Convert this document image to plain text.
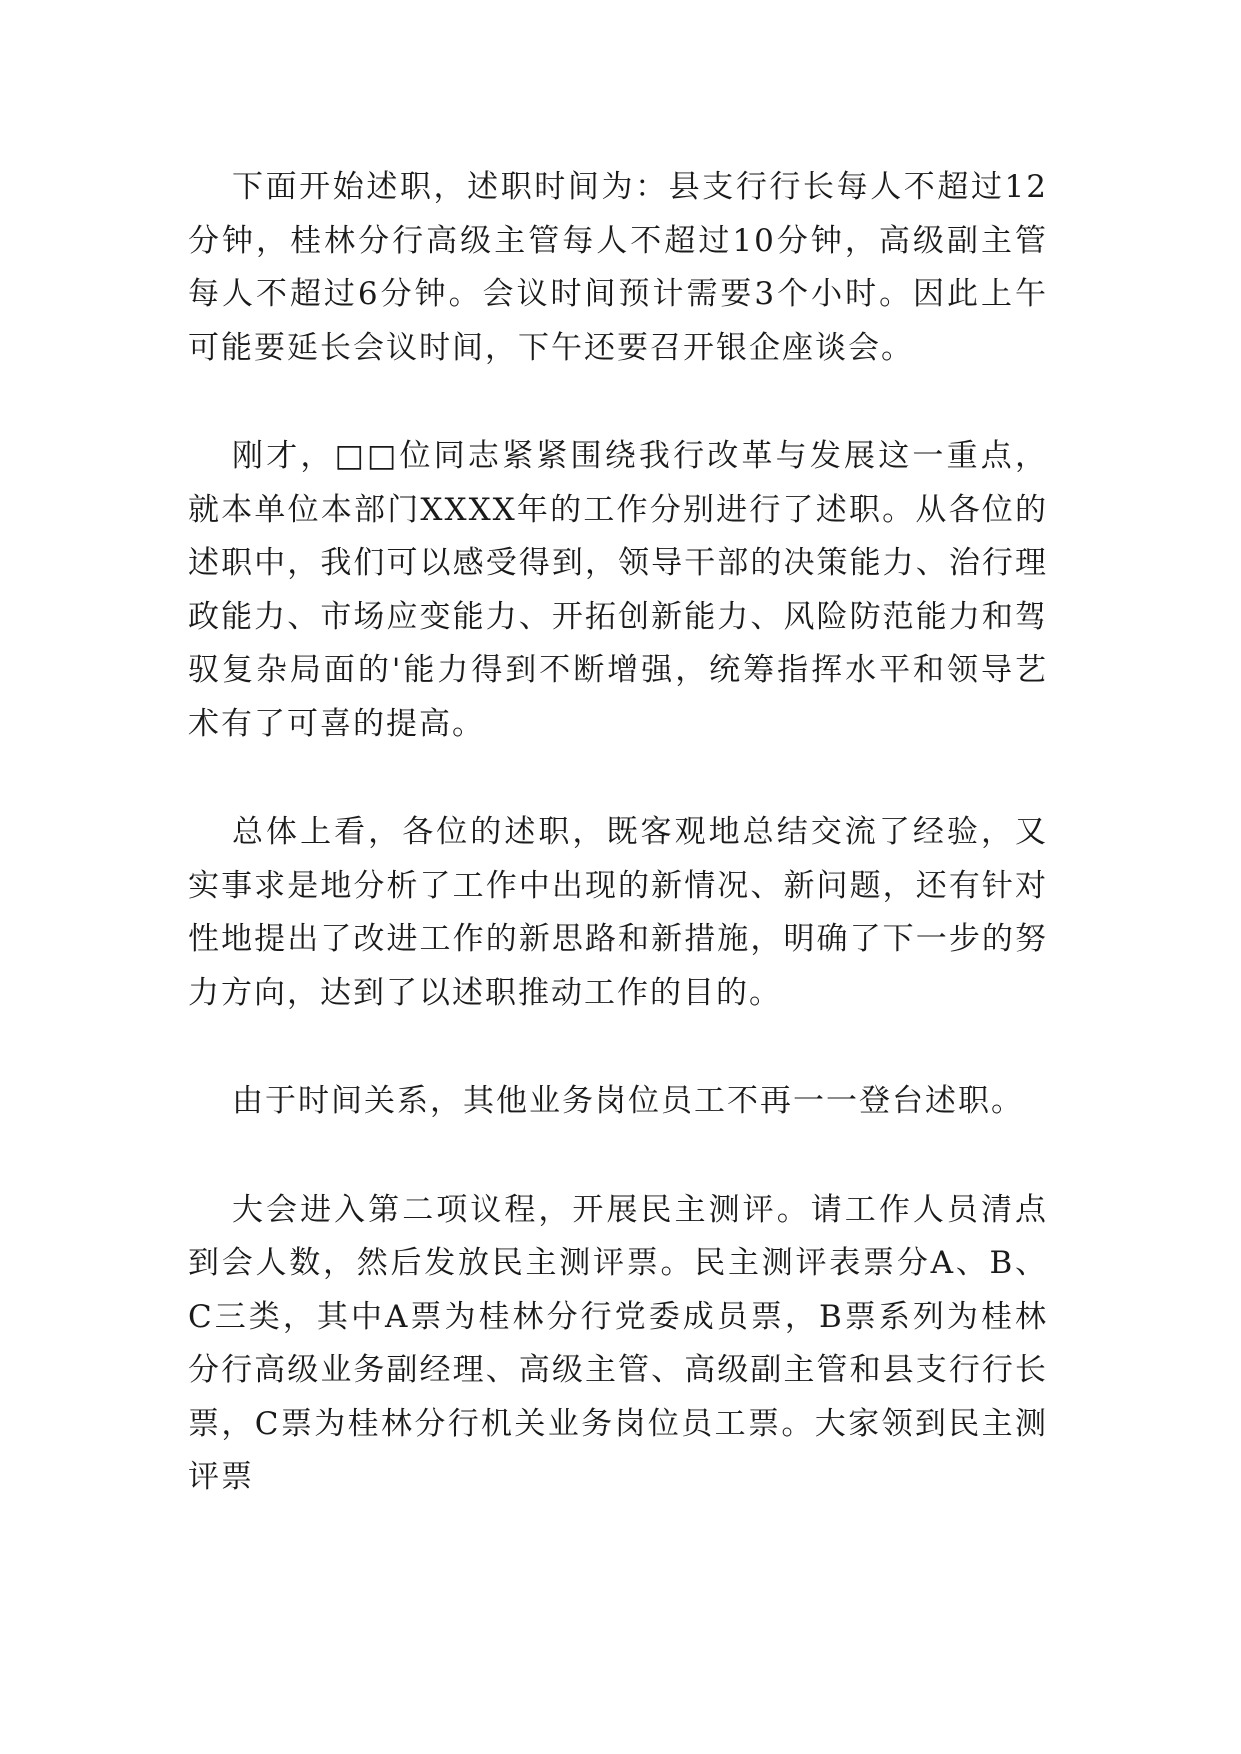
下面开始述职，述职时间为：县支行行长每人不超过12分钟，桂林分行高级主管每人不超过10分钟，高级副主管每人不超过6分钟。会议时间预计需要3个小时。因此上午可能要延长会议时间，下午还要召开银企座谈会。

刚才，□□位同志紧紧围绕我行改革与发展这一重点，就本单位本部门XXXX年的工作分别进行了述职。从各位的述职中，我们可以感受得到，领导干部的决策能力、治行理政能力、市场应变能力、开拓创新能力、风险防范能力和驾驭复杂局面的'能力得到不断增强，统筹指挥水平和领导艺术有了可喜的提高。

总体上看，各位的述职，既客观地总结交流了经验，又实事求是地分析了工作中出现的新情况、新问题，还有针对性地提出了改进工作的新思路和新措施，明确了下一步的努力方向，达到了以述职推动工作的目的。

由于时间关系，其他业务岗位员工不再一一登台述职。

大会进入第二项议程，开展民主测评。请工作人员清点到会人数，然后发放民主测评票。民主测评表票分A、B、C三类，其中A票为桂林分行党委成员票，B票系列为桂林分行高级业务副经理、高级主管、高级副主管和县支行行长票，C票为桂林分行机关业务岗位员工票。大家领到民主测评票
